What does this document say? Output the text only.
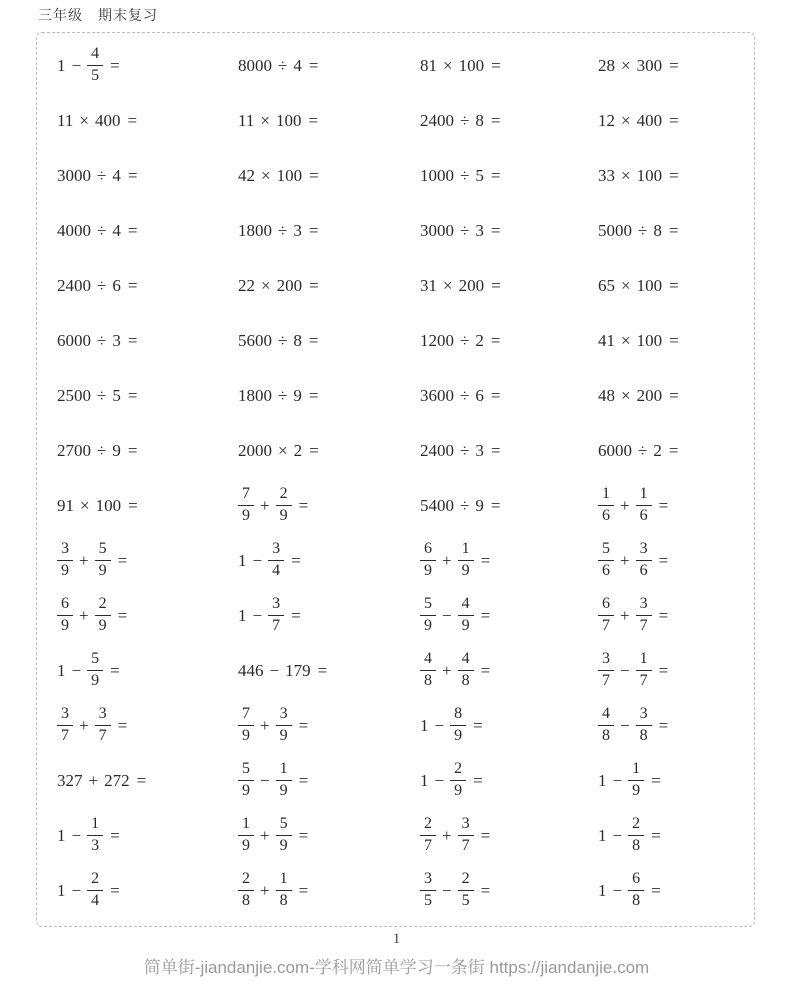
三年级　期末复习
$1 - \frac{4}{5}$ =	8000 ÷ 4 =	81 × 100 =	28 × 300 =
11 × 400 =	11 × 100 =	2400 ÷ 8 =	12 × 400 =
3000 ÷ 4 =	42 × 100 =	1000 ÷ 5 =	33 × 100 =
4000 ÷ 4 =	1800 ÷ 3 =	3000 ÷ 3 =	5000 ÷ 8 =
2400 ÷ 6 =	22 × 200 =	31 × 200 =	65 × 100 =
6000 ÷ 3 =	5600 ÷ 8 =	1200 ÷ 2 =	41 × 100 =
2500 ÷ 5 =	1800 ÷ 9 =	3600 ÷ 6 =	48 × 200 =
2700 ÷ 9 =	2000 × 2 =	2400 ÷ 3 =	6000 ÷ 2 =
91 × 100 =	$\frac{7}{9} + \frac{2}{9}$ =	5400 ÷ 9 =	$\frac{1}{6} + \frac{1}{6}$ =
$\frac{3}{9} + \frac{5}{9}$ =	$1 - \frac{3}{4}$ =	$\frac{6}{9} + \frac{1}{9}$ =	$\frac{5}{6} + \frac{3}{6}$ =
$\frac{6}{9} + \frac{2}{9}$ =	$1 - \frac{3}{7}$ =	$\frac{5}{9} - \frac{4}{9}$ =	$\frac{6}{7} + \frac{3}{7}$ =
$1 - \frac{5}{9}$ =	446 − 179 =	$\frac{4}{8} + \frac{4}{8}$ =	$\frac{3}{7} - \frac{1}{7}$ =
$\frac{3}{7} + \frac{3}{7}$ =	$\frac{7}{9} + \frac{3}{9}$ =	$1 - \frac{8}{9}$ =	$\frac{4}{8} - \frac{3}{8}$ =
327 + 272 =	$\frac{5}{9} - \frac{1}{9}$ =	$1 - \frac{2}{9}$ =	$1 - \frac{1}{9}$ =
$1 - \frac{1}{3}$ =	$\frac{1}{9} + \frac{5}{9}$ =	$\frac{2}{7} + \frac{3}{7}$ =	$1 - \frac{2}{8}$ =
$1 - \frac{2}{4}$ =	$\frac{2}{8} + \frac{1}{8}$ =	$\frac{3}{5} - \frac{2}{5}$ =	$1 - \frac{6}{8}$ =
1
简单街-jiandanjie.com-学科网简单学习一条街 https://jiandanjie.com
